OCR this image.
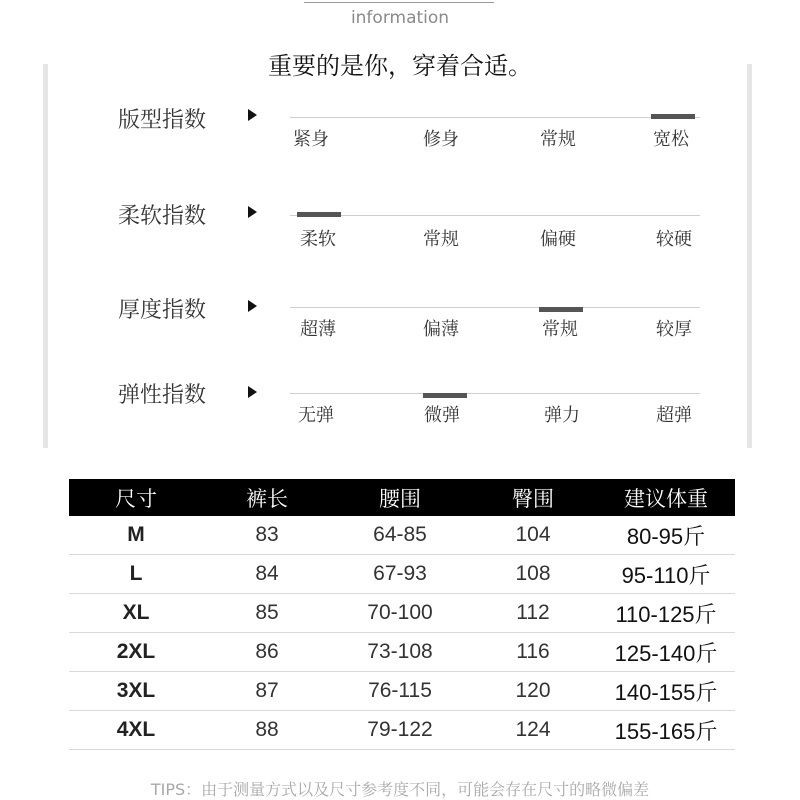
information
重要的是你，穿着合适。
版型指数
紧身	修身	常规	宽松
柔软指数
柔软	常规	偏硬	较硬
厚度指数
超薄	偏薄	常规	较厚
弹性指数
无弹	微弹	弹力	超弹
尺寸	裤长	腰围	臀围	建议体重
M	83	64-85	104	80-95斤
L	84	67-93	108	95-110斤
XL	85	70-100	112	110-125斤
2XL	86	73-108	116	125-140斤
3XL	87	76-115	120	140-155斤
4XL	88	79-122	124	155-165斤
TIPS：由于测量方式以及尺寸参考度不同，可能会存在尺寸的略微偏差
